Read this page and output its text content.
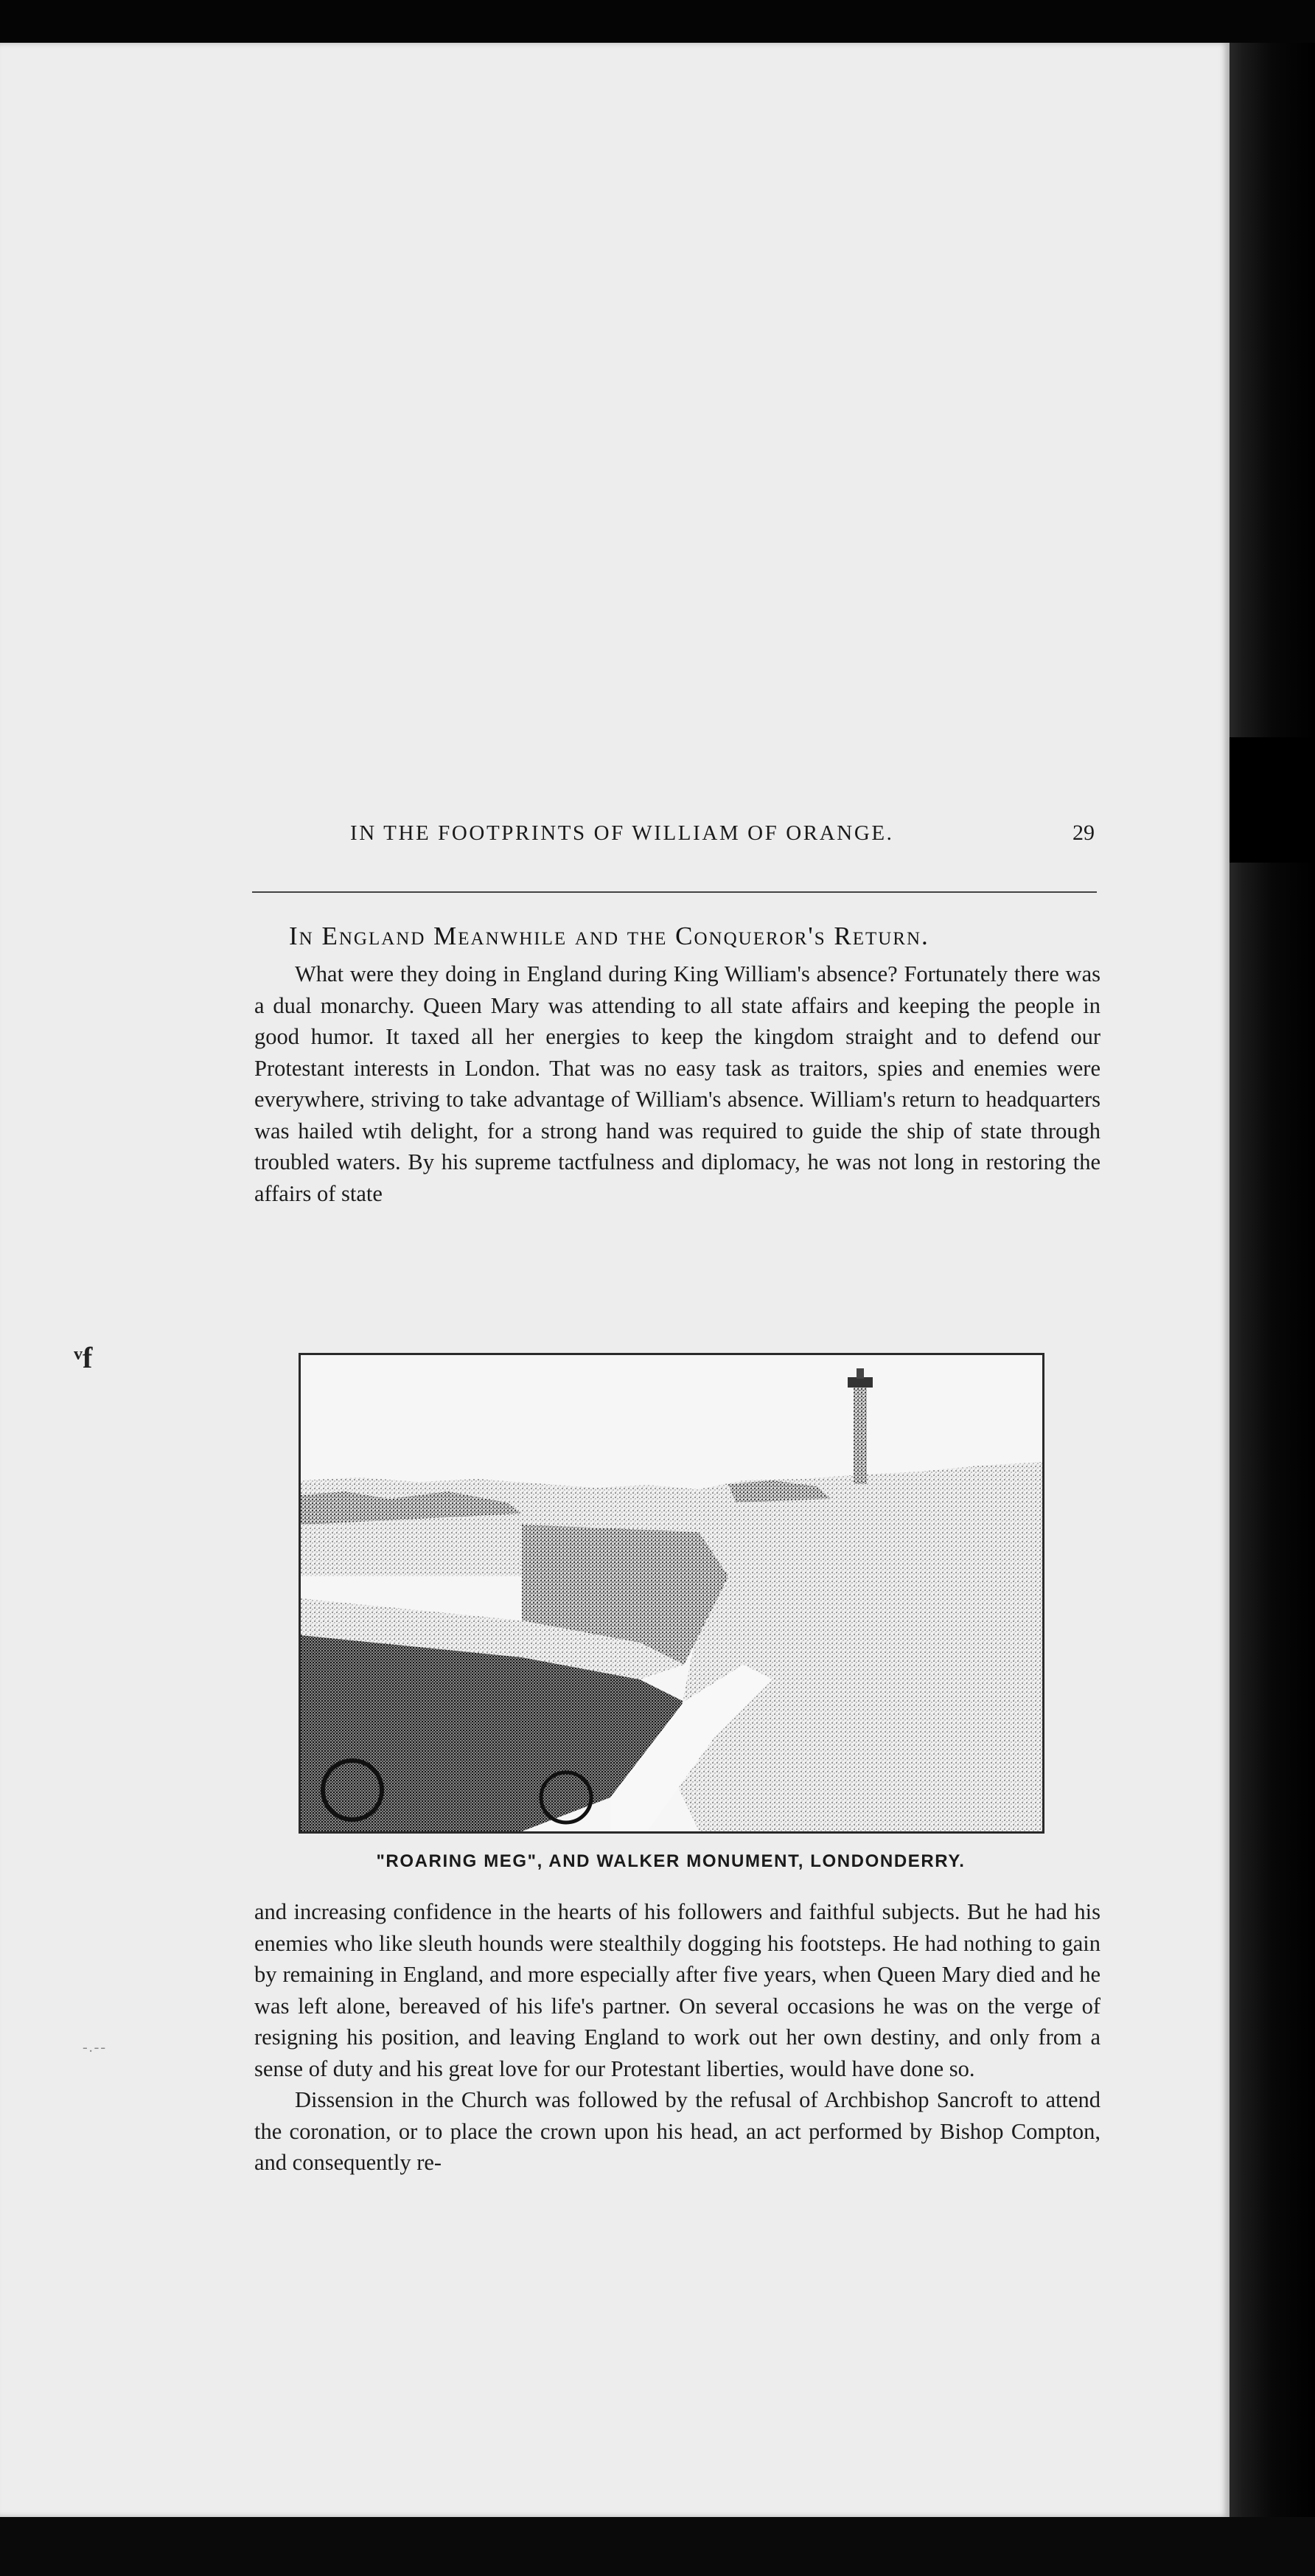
ᵛf
-.--
IN THE FOOTPRINTS OF WILLIAM OF ORANGE.	29
In England Meanwhile and the Conqueror's Return.

What were they doing in England during King William's absence? Fortunately there was a dual monarchy. Queen Mary was attending to all state affairs and keeping the people in good humor. It taxed all her energies to keep the kingdom straight and to defend our Protestant interests in London. That was no easy task as traitors, spies and enemies were everywhere, striving to take advantage of William's absence. William's return to headquarters was hailed wtih delight, for a strong hand was required to guide the ship of state through troubled waters. By his supreme tactfulness and diplomacy, he was not long in restoring the affairs of state

"ROARING MEG", AND WALKER MONUMENT, LONDONDERRY.

and increasing confidence in the hearts of his followers and faithful subjects. But he had his enemies who like sleuth hounds were stealthily dogging his footsteps. He had nothing to gain by remaining in England, and more especially after five years, when Queen Mary died and he was left alone, bereaved of his life's partner. On several occasions he was on the verge of resigning his position, and leaving England to work out her own destiny, and only from a sense of duty and his great love for our Protestant liberties, would have done so.

Dissension in the Church was followed by the refusal of Archbishop Sancroft to attend the coronation, or to place the crown upon his head, an act performed by Bishop Compton, and consequently re-
